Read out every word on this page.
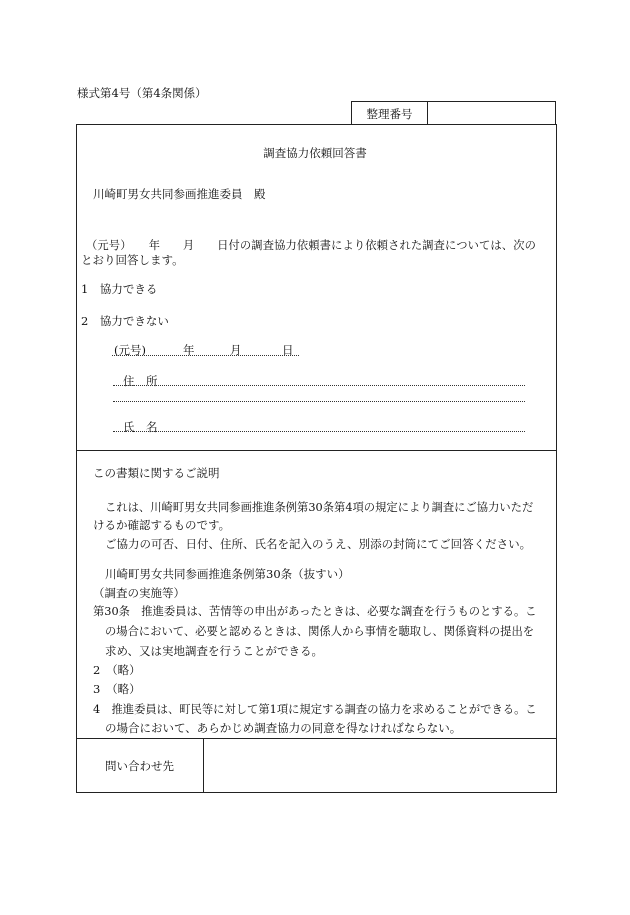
様式第4号（第4条関係）
整理番号
調査協力依頼回答書
川崎町男女共同参画推進委員　殿
（元号）　　年　　月　　日付の調査協力依頼書により依頼された調査については、次の
とおり回答します。
1　協力できる
2　協力できない
(元号)	年	月	日
住　所
氏　名
この書類に関するご説明
これは、川崎町男女共同参画推進条例第30条第4項の規定により調査にご協力いただ
けるか確認するものです。
ご協力の可否、日付、住所、氏名を記入のうえ、別添の封筒にてご回答ください。
川崎町男女共同参画推進条例第30条（抜すい）
（調査の実施等）
第30条　推進委員は、苦情等の申出があったときは、必要な調査を行うものとする。こ
の場合において、必要と認めるときは、関係人から事情を聴取し、関係資料の提出を
求め、又は実地調査を行うことができる。
2　（略）
3　（略）
4　推進委員は、町民等に対して第1項に規定する調査の協力を求めることができる。こ
の場合において、あらかじめ調査協力の同意を得なければならない。
問い合わせ先
